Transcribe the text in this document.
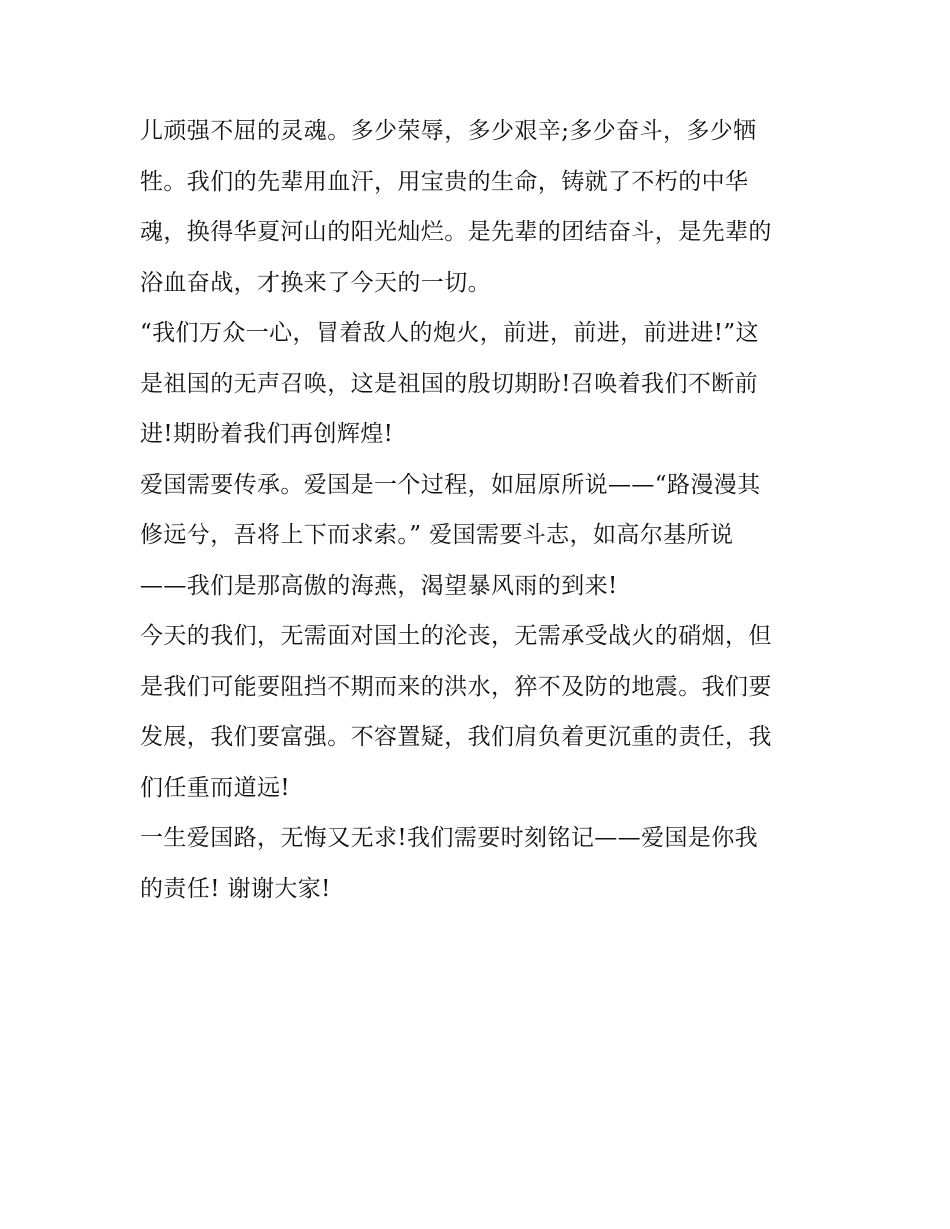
儿顽强不屈的灵魂。多少荣辱，多少艰辛;多少奋斗，多少牺
牲。我们的先辈用血汗，用宝贵的生命，铸就了不朽的中华
魂，换得华夏河山的阳光灿烂。是先辈的团结奋斗，是先辈的
浴血奋战，才换来了今天的一切。
“我们万众一心，冒着敌人的炮火，前进，前进，前进进!”这
是祖国的无声召唤，这是祖国的殷切期盼!召唤着我们不断前
进!期盼着我们再创辉煌!
爱国需要传承。爱国是一个过程，如屈原所说——“路漫漫其
修远兮，吾将上下而求索。” 爱国需要斗志，如高尔基所说
——我们是那高傲的海燕，渴望暴风雨的到来!
今天的我们，无需面对国土的沦丧，无需承受战火的硝烟，但
是我们可能要阻挡不期而来的洪水，猝不及防的地震。我们要
发展，我们要富强。不容置疑，我们肩负着更沉重的责任，我
们任重而道远!
一生爱国路，无悔又无求!我们需要时刻铭记——爱国是你我
的责任! 谢谢大家!
